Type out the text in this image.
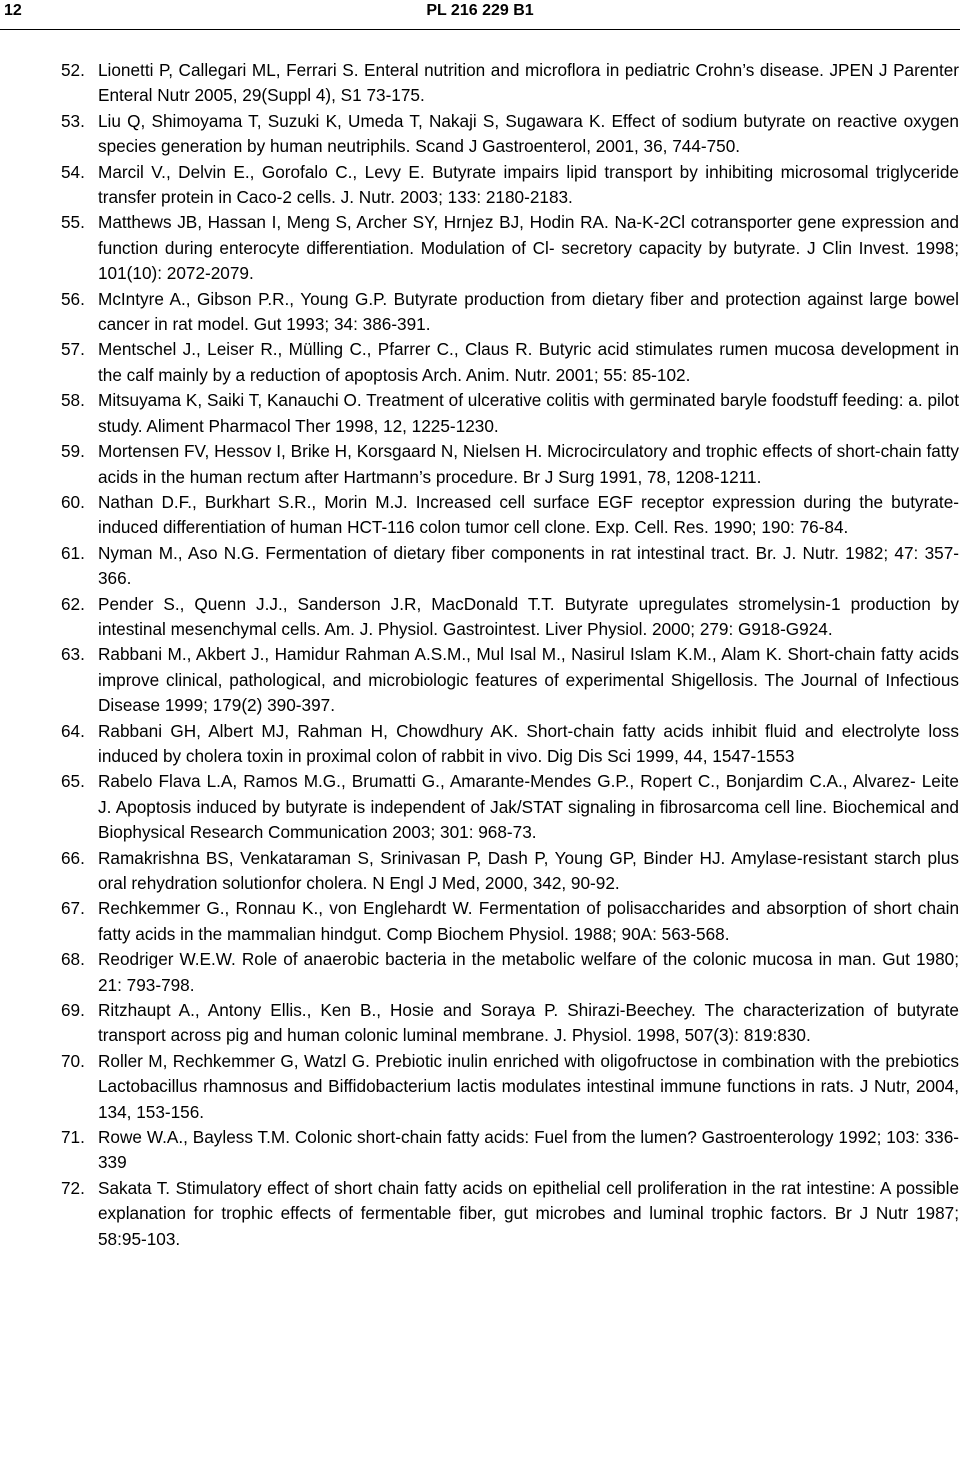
12	PL 216 229 B1
52. Lionetti P, Callegari ML, Ferrari S. Enteral nutrition and microflora in pediatric Crohn’s disease. JPEN J Parenter Enteral Nutr 2005, 29(Suppl 4), S1 73-175.
53. Liu Q, Shimoyama T, Suzuki K, Umeda T, Nakaji S, Sugawara K. Effect of sodium butyrate on reactive oxygen species generation by human neutriphils. Scand J Gastroenterol, 2001, 36, 744-750.
54. Marcil V., Delvin E., Gorofalo C., Levy E. Butyrate impairs lipid transport by inhibiting microsomal triglyceride transfer protein in Caco-2 cells. J. Nutr. 2003; 133: 2180-2183.
55. Matthews JB, Hassan I, Meng S, Archer SY, Hrnjez BJ, Hodin RA. Na-K-2Cl cotransporter gene expression and function during enterocyte differentiation. Modulation of Cl- secretory capacity by butyrate. J Clin Invest. 1998; 101(10): 2072-2079.
56. McIntyre A., Gibson P.R., Young G.P. Butyrate production from dietary fiber and protection against large bowel cancer in rat model. Gut 1993; 34: 386-391.
57. Mentschel J., Leiser R., Mülling C., Pfarrer C., Claus R. Butyric acid stimulates rumen mucosa development in the calf mainly by a reduction of apoptosis Arch. Anim. Nutr. 2001; 55: 85-102.
58. Mitsuyama K, Saiki T, Kanauchi O. Treatment of ulcerative colitis with germinated baryle foodstuff feeding: a. pilot study. Aliment Pharmacol Ther 1998, 12, 1225-1230.
59. Mortensen FV, Hessov I, Brike H, Korsgaard N, Nielsen H. Microcirculatory and trophic effects of short-chain fatty acids in the human rectum after Hartmann’s procedure. Br J Surg 1991, 78, 1208-1211.
60. Nathan D.F., Burkhart S.R., Morin M.J. Increased cell surface EGF receptor expression during the butyrate-induced differentiation of human HCT-116 colon tumor cell clone. Exp. Cell. Res. 1990; 190: 76-84.
61. Nyman M., Aso N.G. Fermentation of dietary fiber components in rat intestinal tract. Br. J. Nutr. 1982; 47: 357-366.
62. Pender S., Quenn J.J., Sanderson J.R, MacDonald T.T. Butyrate upregulates stromelysin-1 production by intestinal mesenchymal cells. Am. J. Physiol. Gastrointest. Liver Physiol. 2000; 279: G918-G924.
63. Rabbani M., Akbert J., Hamidur Rahman A.S.M., Mul Isal M., Nasirul Islam K.M., Alam K. Short-chain fatty acids improve clinical, pathological, and microbiologic features of experimental Shigellosis. The Journal of Infectious Disease 1999; 179(2) 390-397.
64. Rabbani GH, Albert MJ, Rahman H, Chowdhury AK. Short-chain fatty acids inhibit fluid and electrolyte loss induced by cholera toxin in proximal colon of rabbit in vivo. Dig Dis Sci 1999, 44, 1547-1553
65. Rabelo Flava L.A, Ramos M.G., Brumatti G., Amarante-Mendes G.P., Ropert C., Bonjardim C.A., Alvarez- Leite J. Apoptosis induced by butyrate is independent of Jak/STAT signaling in fibrosarcoma cell line. Biochemical and Biophysical Research Communication 2003; 301: 968-73.
66. Ramakrishna BS, Venkataraman S, Srinivasan P, Dash P, Young GP, Binder HJ. Amylase-resistant starch plus oral rehydration solutionfor cholera. N Engl J Med, 2000, 342, 90-92.
67. Rechkemmer G., Ronnau K., von Englehardt W. Fermentation of polisaccharides and absorption of short chain fatty acids in the mammalian hindgut. Comp Biochem Physiol. 1988; 90A: 563-568.
68. Reodriger W.E.W. Role of anaerobic bacteria in the metabolic welfare of the colonic mucosa in man. Gut 1980; 21: 793-798.
69. Ritzhaupt A., Antony Ellis., Ken B., Hosie and Soraya P. Shirazi-Beechey. The characterization of butyrate transport across pig and human colonic luminal membrane. J. Physiol. 1998, 507(3): 819:830.
70. Roller M, Rechkemmer G, Watzl G. Prebiotic inulin enriched with oligofructose in combination with the prebiotics Lactobacillus rhamnosus and Biffidobacterium lactis modulates intestinal immune functions in rats. J Nutr, 2004, 134, 153-156.
71. Rowe W.A., Bayless T.M. Colonic short-chain fatty acids: Fuel from the lumen? Gastroenterology 1992; 103: 336-339
72. Sakata T. Stimulatory effect of short chain fatty acids on epithelial cell proliferation in the rat intestine: A possible explanation for trophic effects of fermentable fiber, gut microbes and luminal trophic factors. Br J Nutr 1987; 58:95-103.
